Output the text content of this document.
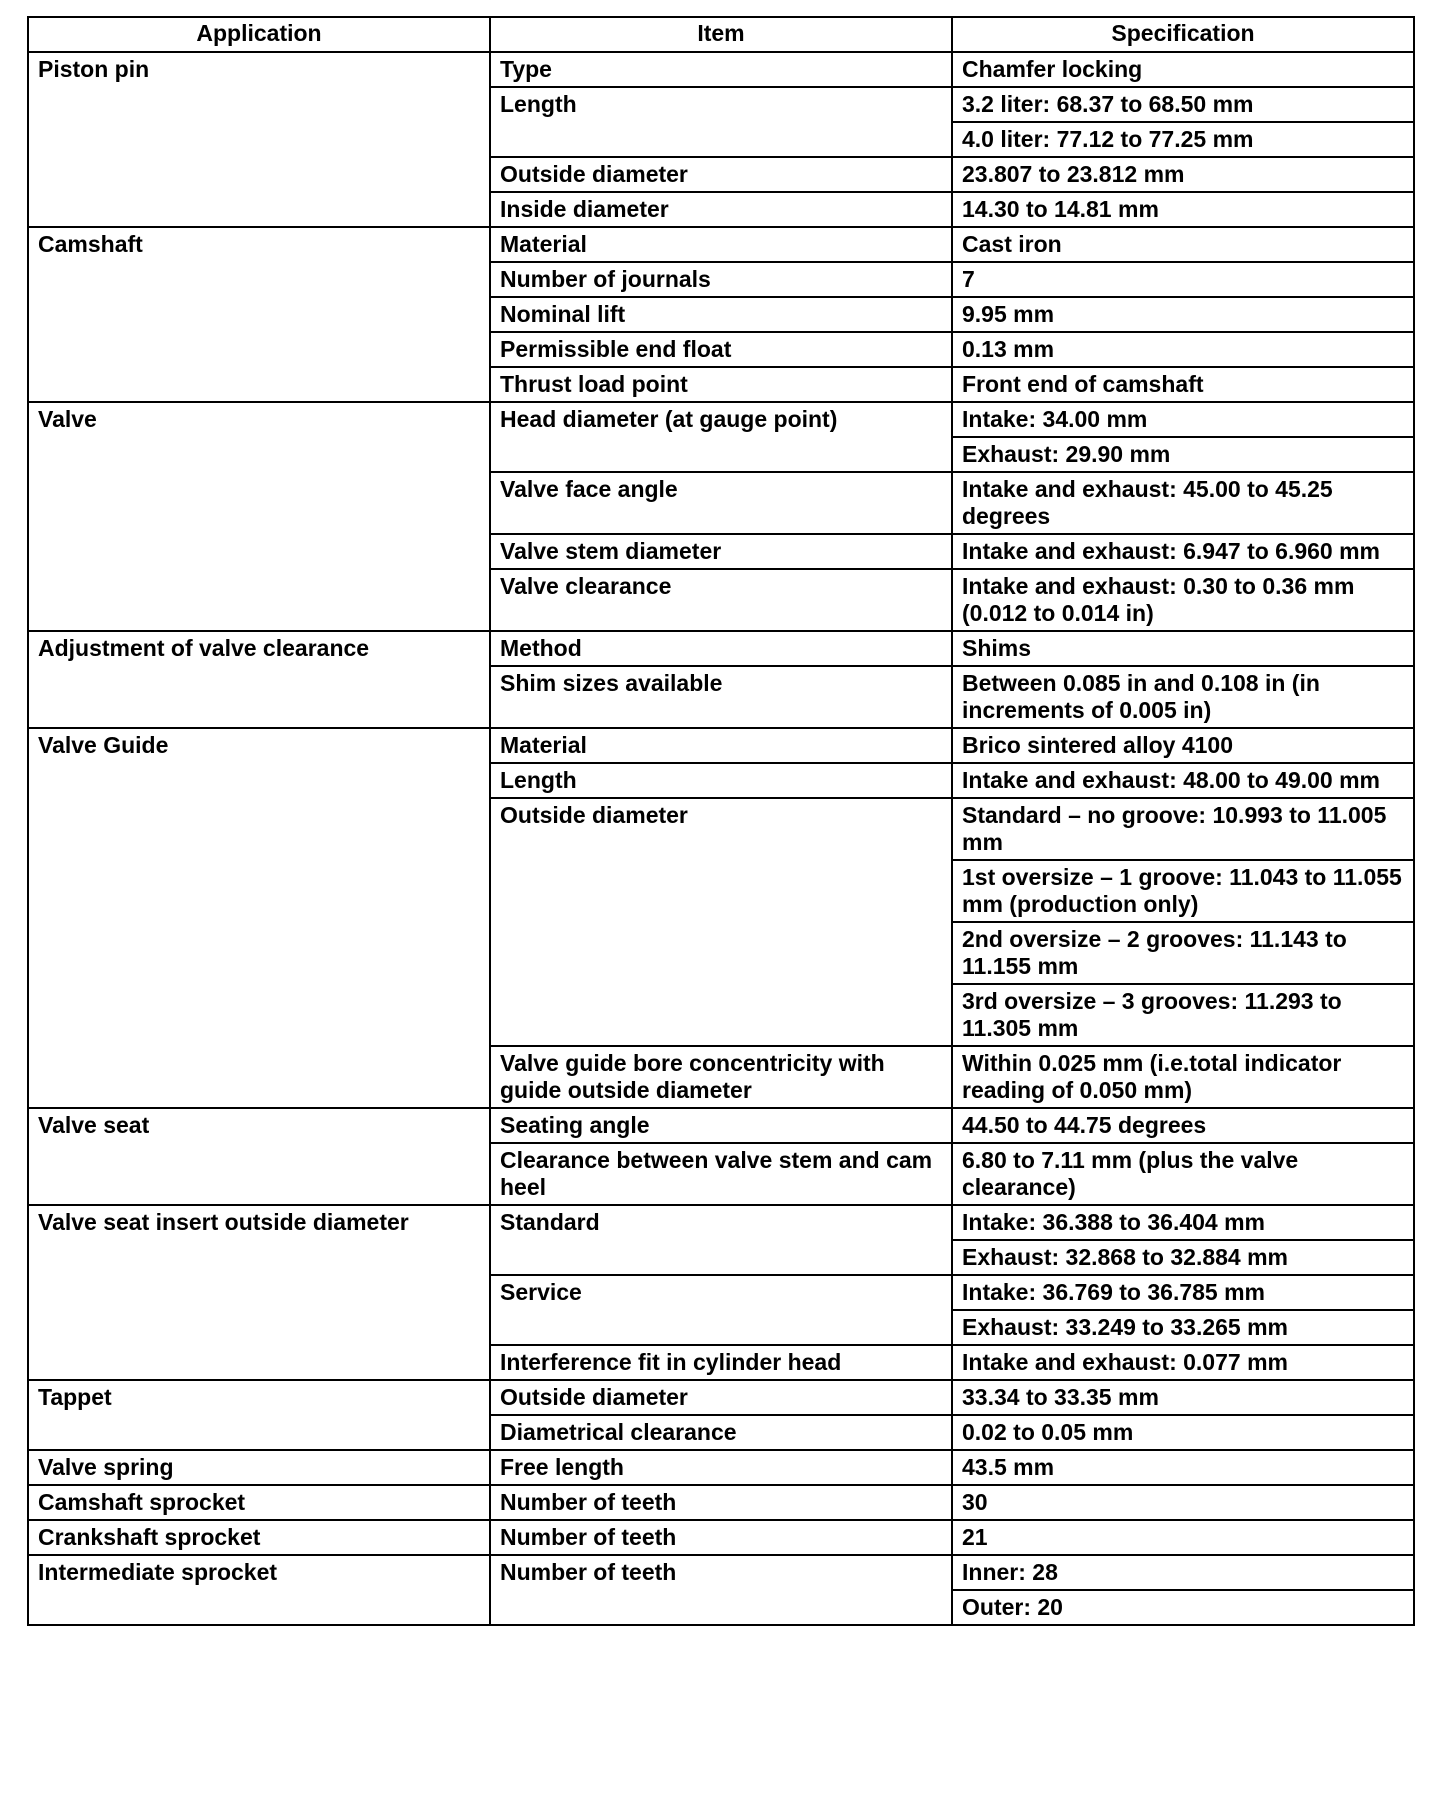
Application	Item	Specification
Piston pin	Type	Chamfer locking
	Length	3.2 liter: 68.37 to 68.50 mm
		4.0 liter: 77.12 to 77.25 mm
	Outside diameter	23.807 to 23.812 mm
	Inside diameter	14.30 to 14.81 mm
Camshaft	Material	Cast iron
	Number of journals	7
	Nominal lift	9.95 mm
	Permissible end float	0.13 mm
	Thrust load point	Front end of camshaft
Valve	Head diameter (at gauge point)	Intake: 34.00 mm
		Exhaust: 29.90 mm
	Valve face angle	Intake and exhaust: 45.00 to 45.25 degrees
	Valve stem diameter	Intake and exhaust: 6.947 to 6.960 mm
	Valve clearance	Intake and exhaust: 0.30 to 0.36 mm (0.012 to 0.014 in)
Adjustment of valve clearance	Method	Shims
	Shim sizes available	Between 0.085 in and 0.108 in (in increments of 0.005 in)
Valve Guide	Material	Brico sintered alloy 4100
	Length	Intake and exhaust: 48.00 to 49.00 mm
	Outside diameter	Standard – no groove: 10.993 to 11.005 mm
		1st oversize – 1 groove: 11.043 to 11.055 mm (production only)
		2nd oversize – 2 grooves: 11.143 to 11.155 mm
		3rd oversize – 3 grooves: 11.293 to 11.305 mm
	Valve guide bore concentricity with guide outside diameter	Within 0.025 mm (i.e.total indicator reading of 0.050 mm)
Valve seat	Seating angle	44.50 to 44.75 degrees
	Clearance between valve stem and cam heel	6.80 to 7.11 mm (plus the valve clearance)
Valve seat insert outside diameter	Standard	Intake: 36.388 to 36.404 mm
		Exhaust: 32.868 to 32.884 mm
	Service	Intake: 36.769 to 36.785 mm
		Exhaust: 33.249 to 33.265 mm
	Interference fit in cylinder head	Intake and exhaust: 0.077 mm
Tappet	Outside diameter	33.34 to 33.35 mm
	Diametrical clearance	0.02 to 0.05 mm
Valve spring	Free length	43.5 mm
Camshaft sprocket	Number of teeth	30
Crankshaft sprocket	Number of teeth	21
Intermediate sprocket	Number of teeth	Inner: 28
		Outer: 20
